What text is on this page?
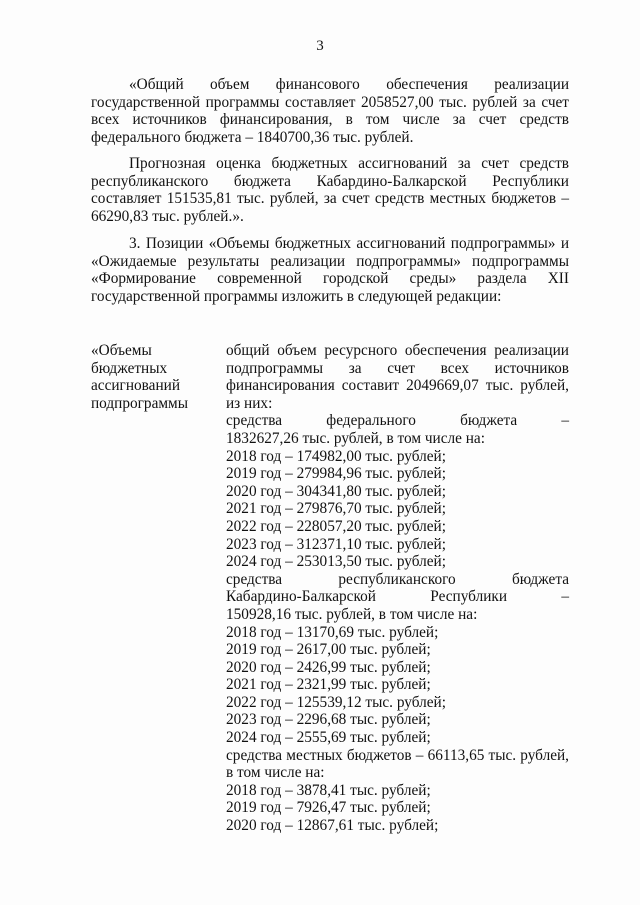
3
«Общий объем финансового обеспечения реализации государственной программы составляет 2058527,00 тыс. рублей за счет всех источников финансирования, в том числе за счет средств федерального бюджета – 1840700,36 тыс. рублей.
Прогнозная оценка бюджетных ассигнований за счет средств республиканского бюджета Кабардино-Балкарской Республики составляет 151535,81 тыс. рублей, за счет средств местных бюджетов – 66290,83 тыс. рублей.».
3. Позиции «Объемы бюджетных ассигнований подпрограммы» и «Ожидаемые результаты реализации подпрограммы» подпрограммы «Формирование современной городской среды» раздела XII государственной программы изложить в следующей редакции:
«Объемы
бюджетных
ассигнований
подпрограммы
общий объем ресурсного обеспечения реализации подпрограммы за счет всех источников финансирования составит 2049669,07 тыс. рублей, из них:
средства федерального бюджета –
1832627,26 тыс. рублей, в том числе на:
2018 год – 174982,00 тыс. рублей;
2019 год – 279984,96 тыс. рублей;
2020 год – 304341,80 тыс. рублей;
2021 год – 279876,70 тыс. рублей;
2022 год – 228057,20 тыс. рублей;
2023 год – 312371,10 тыс. рублей;
2024 год – 253013,50 тыс. рублей;
средства республиканского бюджета
Кабардино-Балкарской Республики –
150928,16 тыс. рублей, в том числе на:
2018 год – 13170,69 тыс. рублей;
2019 год – 2617,00 тыс. рублей;
2020 год – 2426,99 тыс. рублей;
2021 год – 2321,99 тыс. рублей;
2022 год – 125539,12 тыс. рублей;
2023 год – 2296,68 тыс. рублей;
2024 год – 2555,69 тыс. рублей;
средства местных бюджетов – 66113,65 тыс. рублей,
в том числе на:
2018 год – 3878,41 тыс. рублей;
2019 год – 7926,47 тыс. рублей;
2020 год – 12867,61 тыс. рублей;
